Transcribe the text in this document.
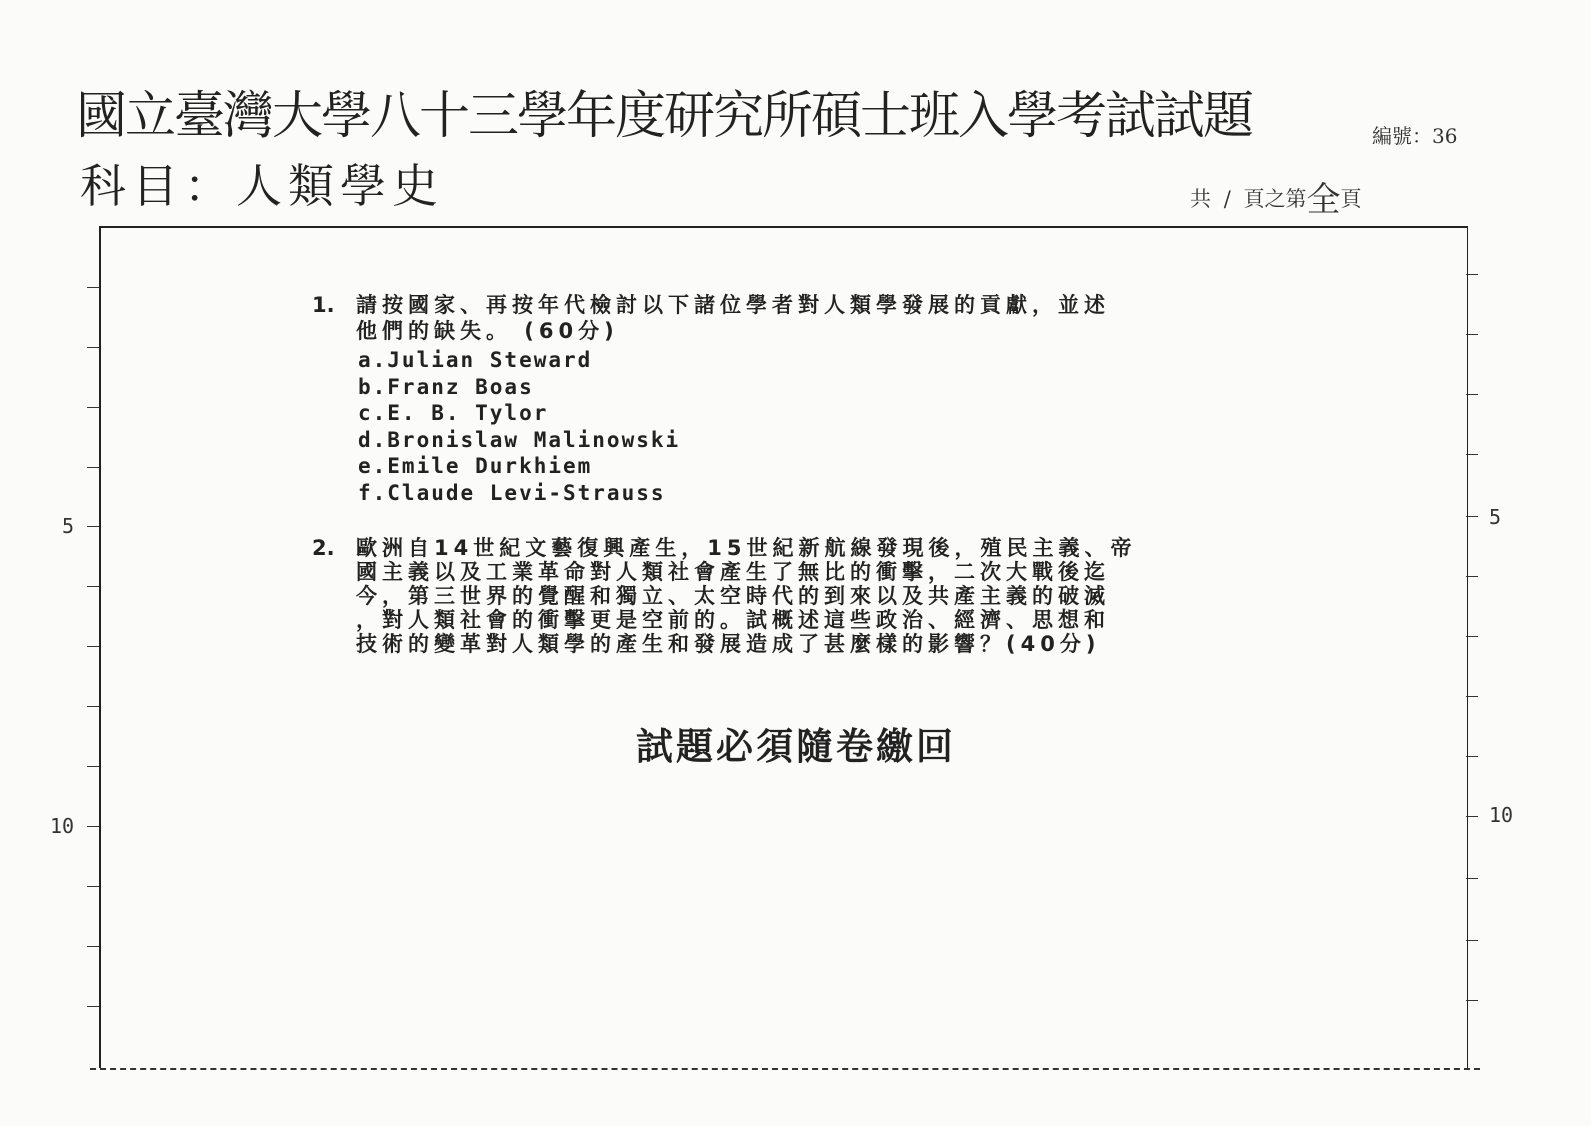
國立臺灣大學八十三學年度研究所碩士班入學考試試題
科目：人類學史
編號：36
共 / 頁之第全頁
5
10
5
10
1. 請按國家、再按年代檢討以下諸位學者對人類學發展的貢獻，並述
他們的缺失。 (60分)
a.Julian Steward
b.Franz Boas
c.E. B. Tylor
d.Bronislaw Malinowski
e.Emile Durkhiem
f.Claude Levi-Strauss
2. 歐洲自14世紀文藝復興產生，15世紀新航線發現後，殖民主義、帝
國主義以及工業革命對人類社會產生了無比的衝擊，二次大戰後迄
今，第三世界的覺醒和獨立、太空時代的到來以及共產主義的破滅
，對人類社會的衝擊更是空前的。試概述這些政治、經濟、思想和
技術的變革對人類學的產生和發展造成了甚麼樣的影響？(40分)
試題必須隨卷繳回
